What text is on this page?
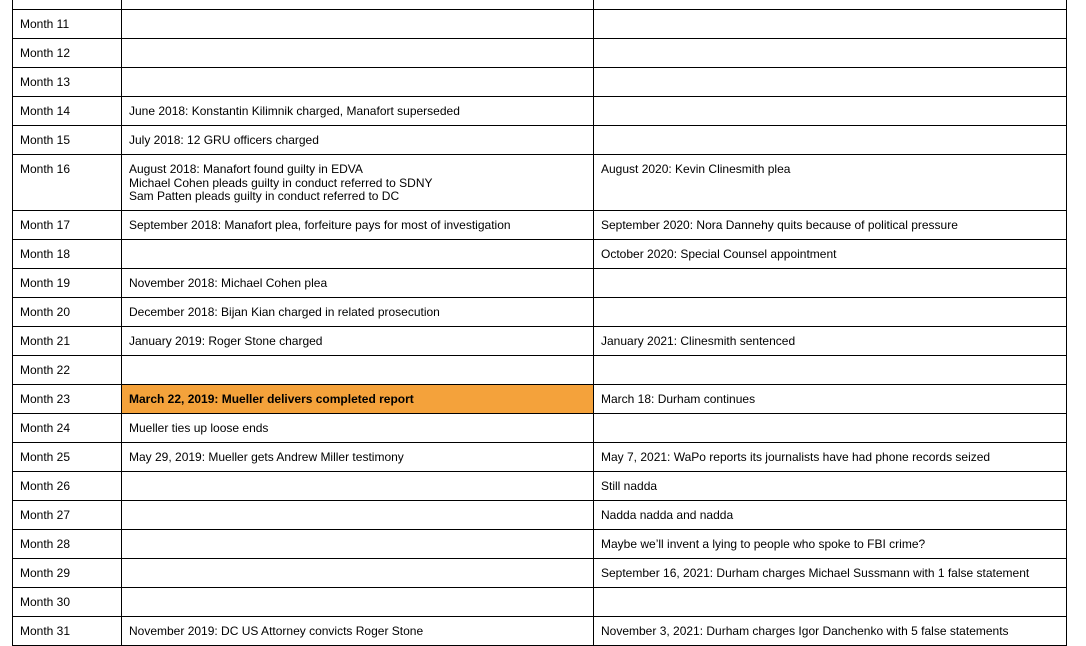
Month 11		

Month 12		

Month 13		

Month 14	June 2018: Konstantin Kilimnik charged, Manafort superseded	

Month 15	July 2018: 12 GRU officers charged	

Month 16	August 2018: Manafort found guilty in EDVA
Michael Cohen pleads guilty in conduct referred to SDNY
Sam Patten pleads guilty in conduct referred to DC	August 2020: Kevin Clinesmith plea

Month 17	September 2018: Manafort plea, forfeiture pays for most of investigation	September 2020: Nora Dannehy quits because of political pressure

Month 18		October 2020: Special Counsel appointment

Month 19	November 2018: Michael Cohen plea	

Month 20	December 2018: Bijan Kian charged in related prosecution	

Month 21	January 2019: Roger Stone charged	January 2021: Clinesmith sentenced

Month 22		

Month 23	March 22, 2019: Mueller delivers completed report	March 18: Durham continues

Month 24	Mueller ties up loose ends	

Month 25	May 29, 2019: Mueller gets Andrew Miller testimony	May 7, 2021: WaPo reports its journalists have had phone records seized

Month 26		Still nadda

Month 27		Nadda nadda and nadda

Month 28		Maybe we’ll invent a lying to people who spoke to FBI crime?

Month 29		September 16, 2021: Durham charges Michael Sussmann with 1 false statement

Month 30		

Month 31	November 2019: DC US Attorney convicts Roger Stone	November 3, 2021: Durham charges Igor Danchenko with 5 false statements
